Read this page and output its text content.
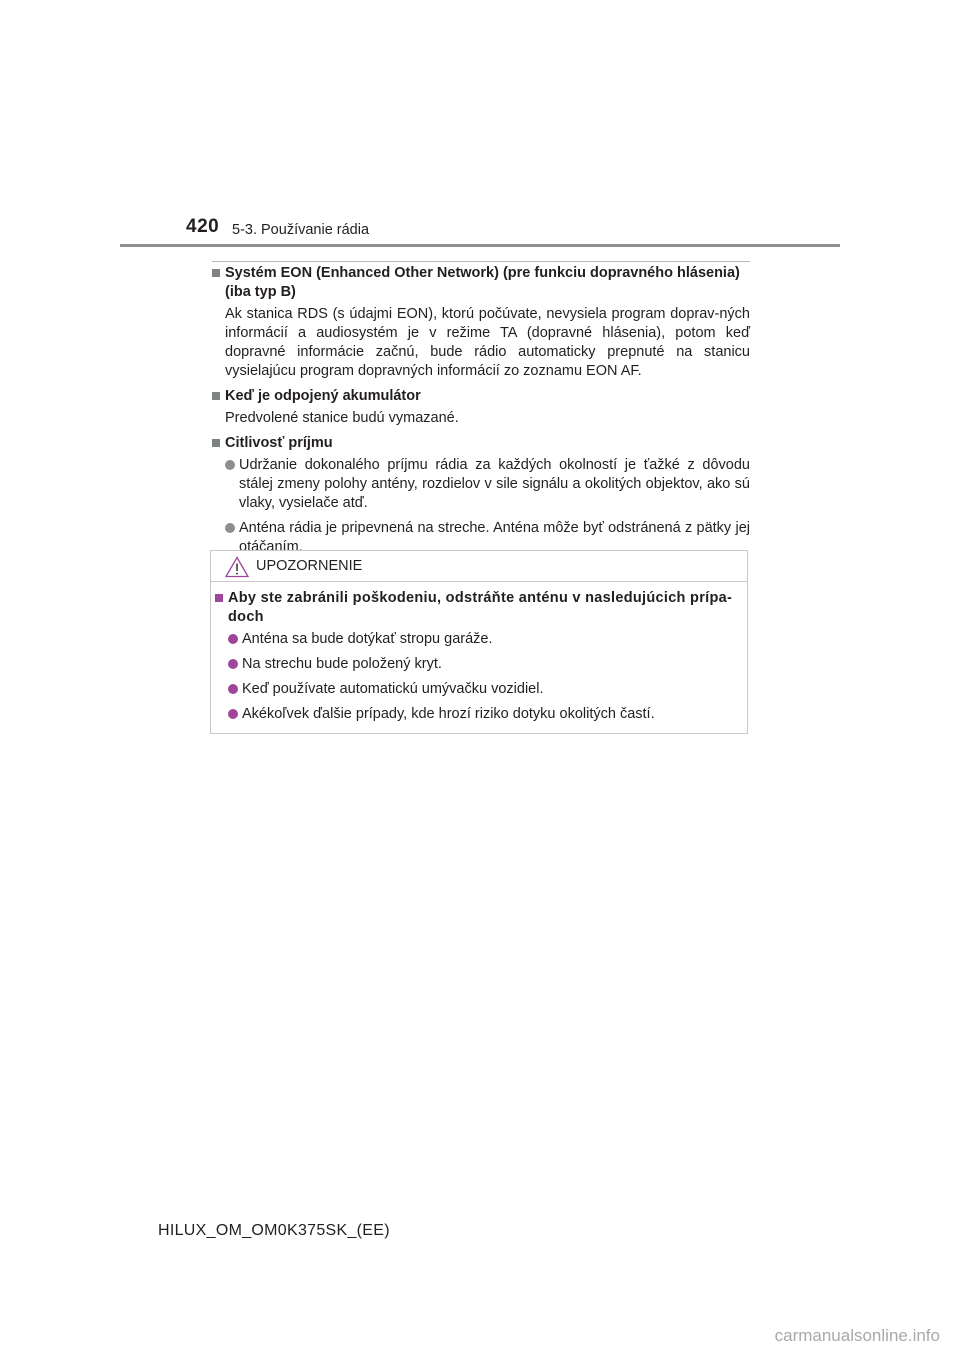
420 5-3. Používanie rádia
Systém EON (Enhanced Other Network) (pre funkciu dopravného hlásenia) (iba typ B)
Ak stanica RDS (s údajmi EON), ktorú počúvate, nevysiela program doprav-ných informácií a audiosystém je v režime TA (dopravné hlásenia), potom keď dopravné informácie začnú, bude rádio automaticky prepnuté na stanicu vysielajúcu program dopravných informácií zo zoznamu EON AF.
Keď je odpojený akumulátor
Predvolené stanice budú vymazané.
Citlivosť príjmu
Udržanie dokonalého príjmu rádia za každých okolností je ťažké z dôvodu stálej zmeny polohy antény, rozdielov v sile signálu a okolitých objektov, ako sú vlaky, vysielače atď.
Anténa rádia je pripevnená na streche. Anténa môže byť odstránená z pätky jej otáčaním.
UPOZORNENIE
Aby ste zabránili poškodeniu, odstráňte anténu v nasledujúcich prípa-doch
Anténa sa bude dotýkať stropu garáže.
Na strechu bude položený kryt.
Keď používate automatickú umývačku vozidiel.
Akékoľvek ďalšie prípady, kde hrozí riziko dotyku okolitých častí.
HILUX_OM_OM0K375SK_(EE)
carmanualsonline.info
